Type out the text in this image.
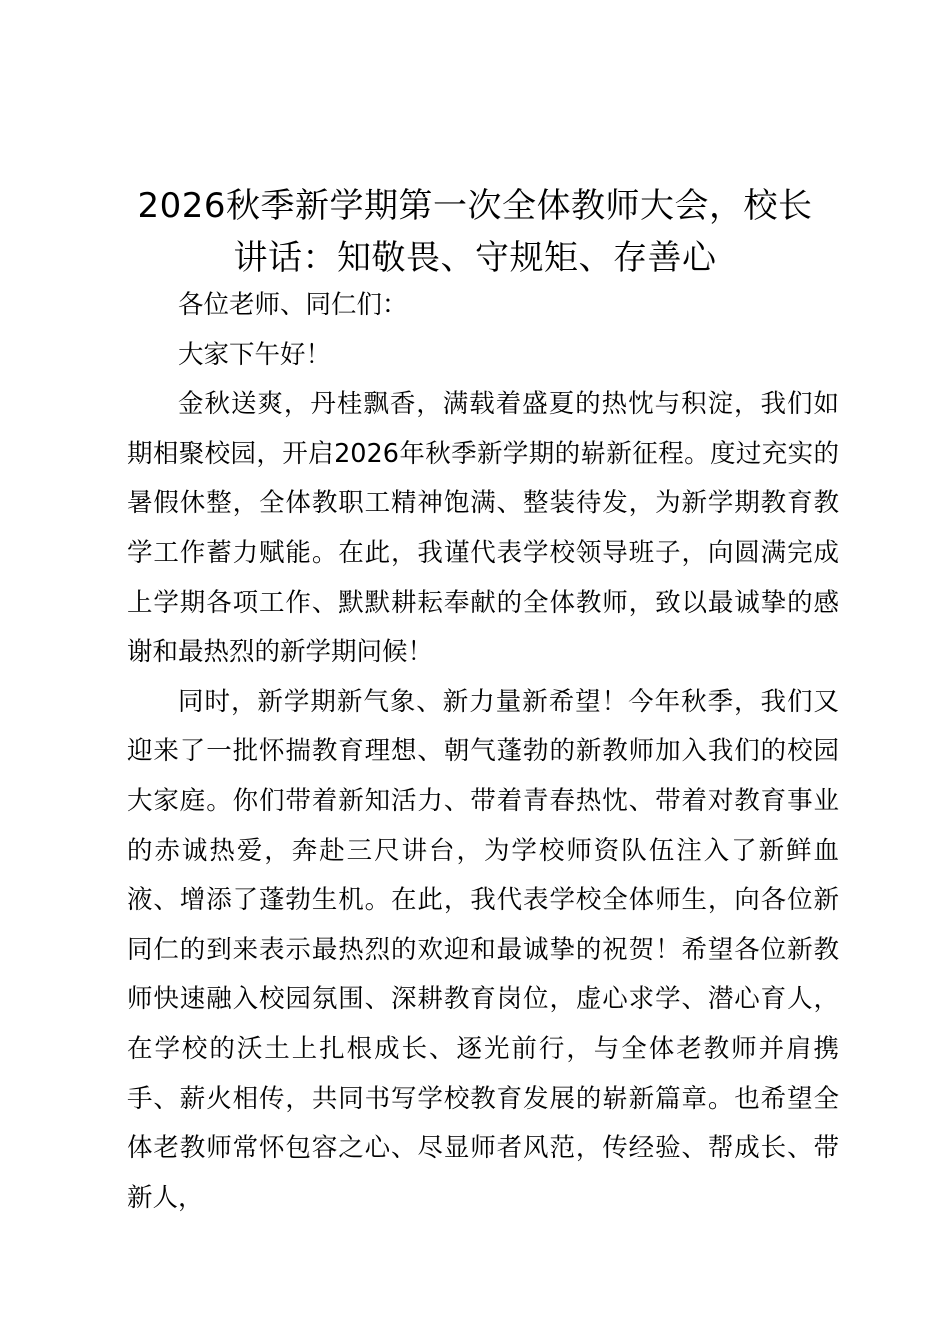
2026秋季新学期第一次全体教师大会，校长
讲话：知敬畏、守规矩、存善心

各位老师、同仁们：

大家下午好！

金秋送爽，丹桂飘香，满载着盛夏的热忱与积淀，我们如期相聚校园，开启2026年秋季新学期的崭新征程。度过充实的暑假休整，全体教职工精神饱满、整装待发，为新学期教育教学工作蓄力赋能。在此，我谨代表学校领导班子，向圆满完成上学期各项工作、默默耕耘奉献的全体教师，致以最诚挚的感谢和最热烈的新学期问候！

同时，新学期新气象、新力量新希望！今年秋季，我们又迎来了一批怀揣教育理想、朝气蓬勃的新教师加入我们的校园大家庭。你们带着新知活力、带着青春热忱、带着对教育事业的赤诚热爱，奔赴三尺讲台，为学校师资队伍注入了新鲜血液、增添了蓬勃生机。在此，我代表学校全体师生，向各位新同仁的到来表示最热烈的欢迎和最诚挚的祝贺！希望各位新教师快速融入校园氛围、深耕教育岗位，虚心求学、潜心育人，在学校的沃土上扎根成长、逐光前行，与全体老教师并肩携手、薪火相传，共同书写学校教育发展的崭新篇章。也希望全体老教师常怀包容之心、尽显师者风范，传经验、帮成长、带新人，
